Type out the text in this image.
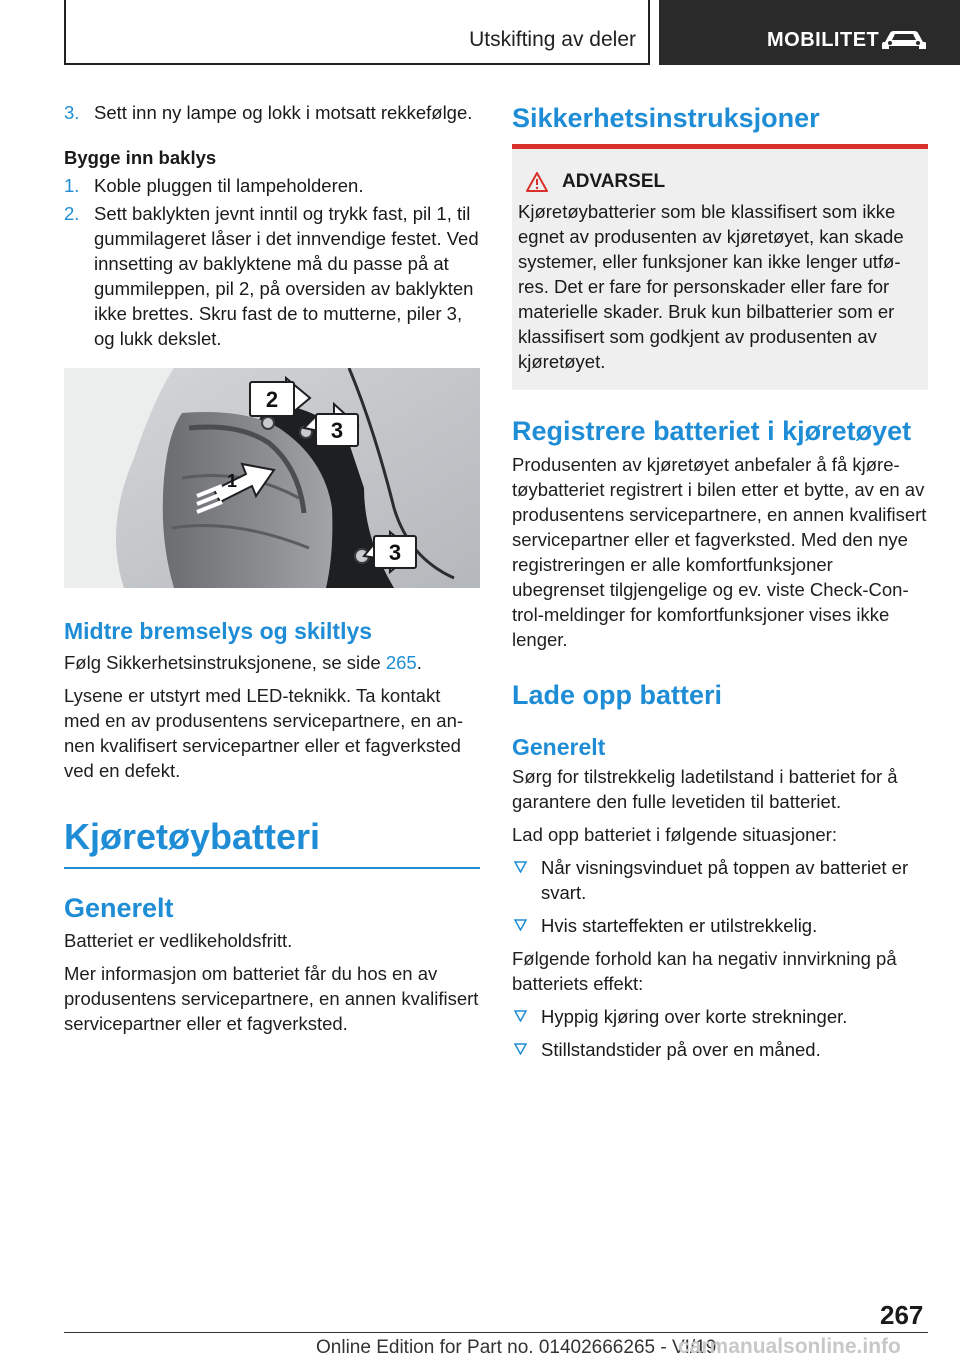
Utskifting av deler	MOBILITET
3. Sett inn ny lampe og lokk i motsatt rekkefølge.
Bygge inn baklys
1. Koble pluggen til lampeholderen.
2. Sett baklykten jevnt inntil og trykk fast, pil 1, til gummilageret låser i det innvendige festet. Ved innsetting av baklyktene må du passe på at gummileppen, pil 2, på oversiden av baklykten ikke brettes. Skru fast de to mutterne, piler 3, og lukk dekslet.
2
3
1
3
Midtre bremselys og skiltlys
Følg Sikkerhetsinstruksjonene, se side 265.
Lysene er utstyrt med LED-teknikk. Ta kontakt med en av produsentens servicepartnere, en annen kvalifisert servicepartner eller et fagverksted ved en defekt.
Kjøretøybatteri
Generelt
Batteriet er vedlikeholdsfritt.
Mer informasjon om batteriet får du hos en av produsentens servicepartnere, en annen kvalifisert servicepartner eller et fagverksted.
Sikkerhetsinstruksjoner
ADVARSEL
Kjøretøybatterier som ble klassifisert som ikke egnet av produsenten av kjøretøyet, kan skade systemer, eller funksjoner kan ikke lenger utføres. Det er fare for personskader eller fare for materielle skader. Bruk kun bilbatterier som er klassifisert som godkjent av produsenten av kjøretøyet.
Registrere batteriet i kjøretøyet
Produsenten av kjøretøyet anbefaler å få kjøretøybatteriet registrert i bilen etter et bytte, av en av produsentens servicepartnere, en annen kvalifisert servicepartner eller et fagverksted. Med den nye registreringen er alle komfortfunksjoner ubegrenset tilgjengelige og ev. viste Check-Control-meldinger for komfortfunksjoner vises ikke lenger.
Lade opp batteri
Generelt
Sørg for tilstrekkelig ladetilstand i batteriet for å garantere den fulle levetiden til batteriet.
Lad opp batteriet i følgende situasjoner:
Når visningsvinduet på toppen av batteriet er svart.
Hvis starteffekten er utilstrekkelig.
Følgende forhold kan ha negativ innvirkning på batteriets effekt:
Hyppig kjøring over korte strekninger.
Stillstandstider på over en måned.
267
Online Edition for Part no. 01402666265 - VI/19
carmanualsonline.info
